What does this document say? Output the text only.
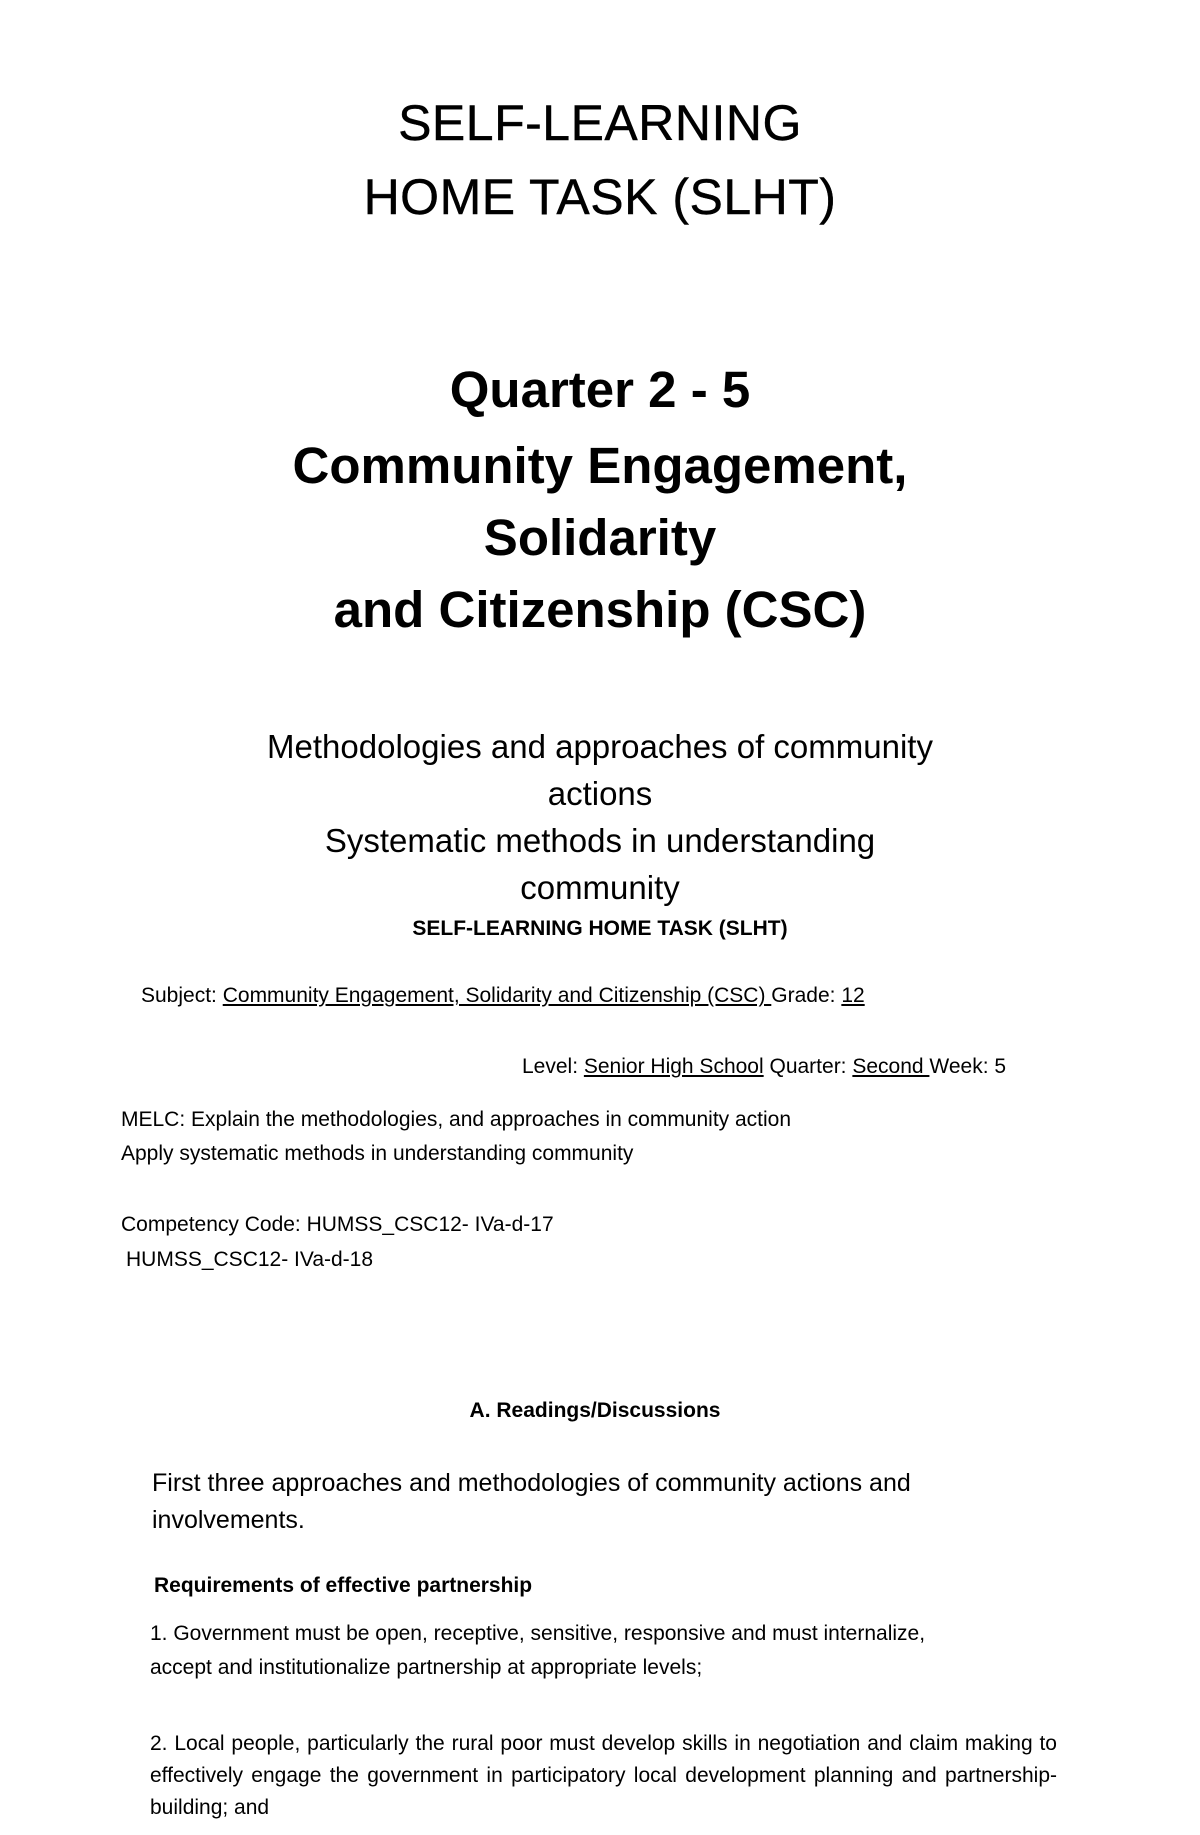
SELF-LEARNING
HOME TASK (SLHT)
Quarter 2 - 5
Community Engagement,
Solidarity
and Citizenship (CSC)
Methodologies and approaches of community
actions
Systematic methods in understanding
community
SELF-LEARNING HOME TASK (SLHT)
Subject: Community Engagement, Solidarity and Citizenship (CSC) Grade: 12
Level: Senior High School Quarter: Second Week: 5
MELC: Explain the methodologies, and approaches in community action
Apply systematic methods in understanding community
Competency Code: HUMSS_CSC12- IVa-d-17
HUMSS_CSC12- IVa-d-18
A. Readings/Discussions
First three approaches and methodologies of community actions and
involvements.
Requirements of effective partnership
1. Government must be open, receptive, sensitive, responsive and must internalize,
accept and institutionalize partnership at appropriate levels;
2. Local people, particularly the rural poor must develop skills in negotiation and claim making to effectively engage the government in participatory local development planning and partnership- building; and
